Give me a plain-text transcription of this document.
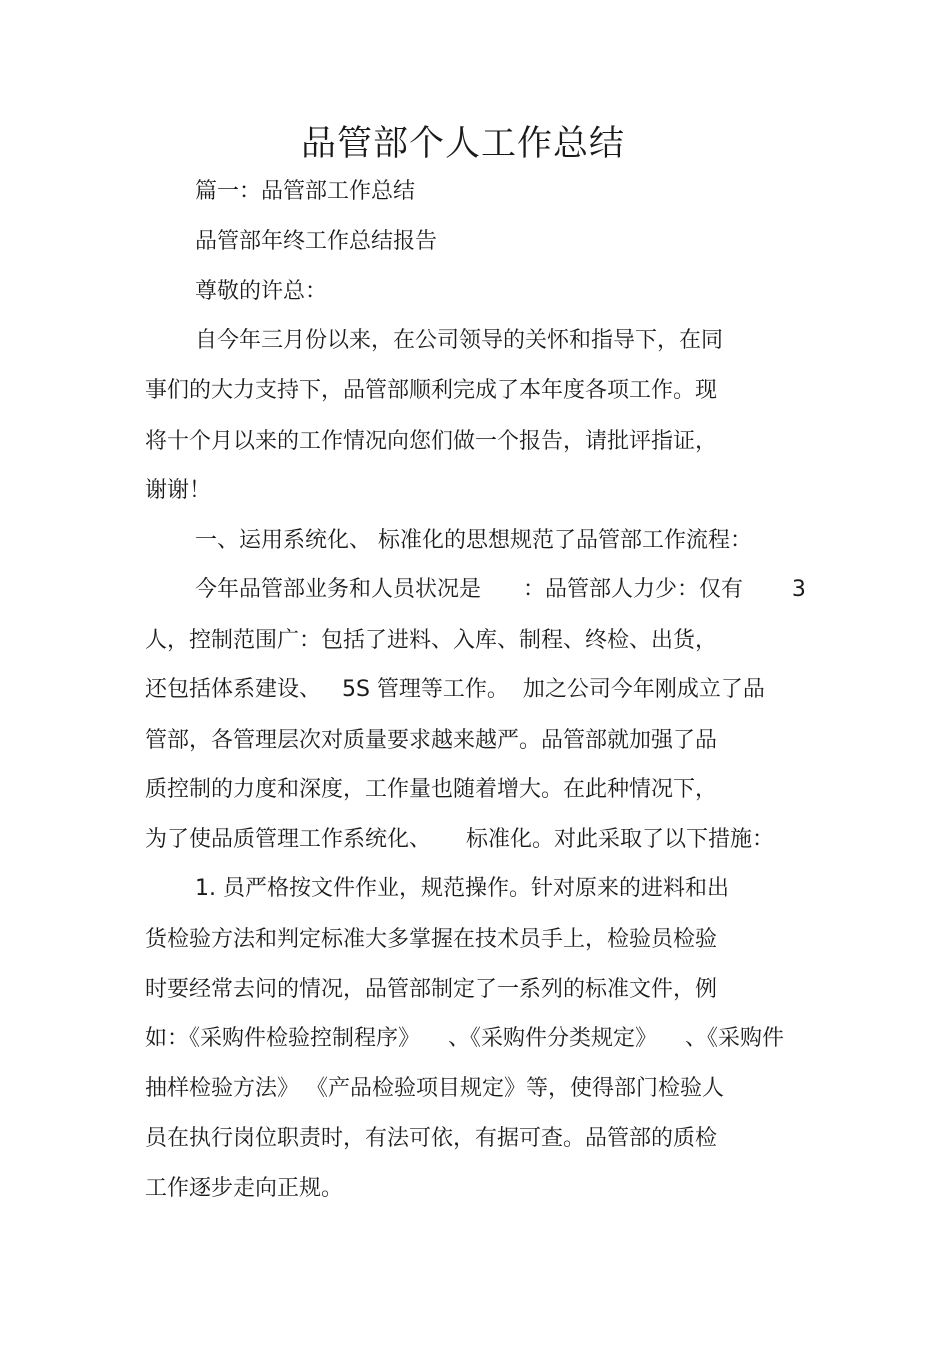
品管部个人工作总结

篇一：品管部工作总结

品管部年终工作总结报告

尊敬的许总：

自今年三月份以来，在公司领导的关怀和指导下，在同

事们的大力支持下，品管部顺利完成了本年度各项工作。现

将十个月以来的工作情况向您们做一个报告，请批评指证，

谢谢！

一、运用系统化、 标准化的思想规范了品管部工作流程：

今年品管部业务和人员状况是      ：品管部人力少：仅有       3

人，控制范围广：包括了进料、入库、制程、终检、出货，

还包括体系建设、   5S 管理等工作。  加之公司今年刚成立了品

管部，各管理层次对质量要求越来越严。品管部就加强了品

质控制的力度和深度，工作量也随着增大。在此种情况下，

为了使品质管理工作系统化、     标准化。对此采取了以下措施：

1. 员严格按文件作业，规范操作。针对原来的进料和出

货检验方法和判定标准大多掌握在技术员手上，检验员检验

时要经常去问的情况，品管部制定了一系列的标准文件，例

如：《采购件检验控制程序》    、《采购件分类规定》    、《采购件

抽样检验方法》 《产品检验项目规定》等，使得部门检验人

员在执行岗位职责时，有法可依，有据可查。品管部的质检

工作逐步走向正规。
